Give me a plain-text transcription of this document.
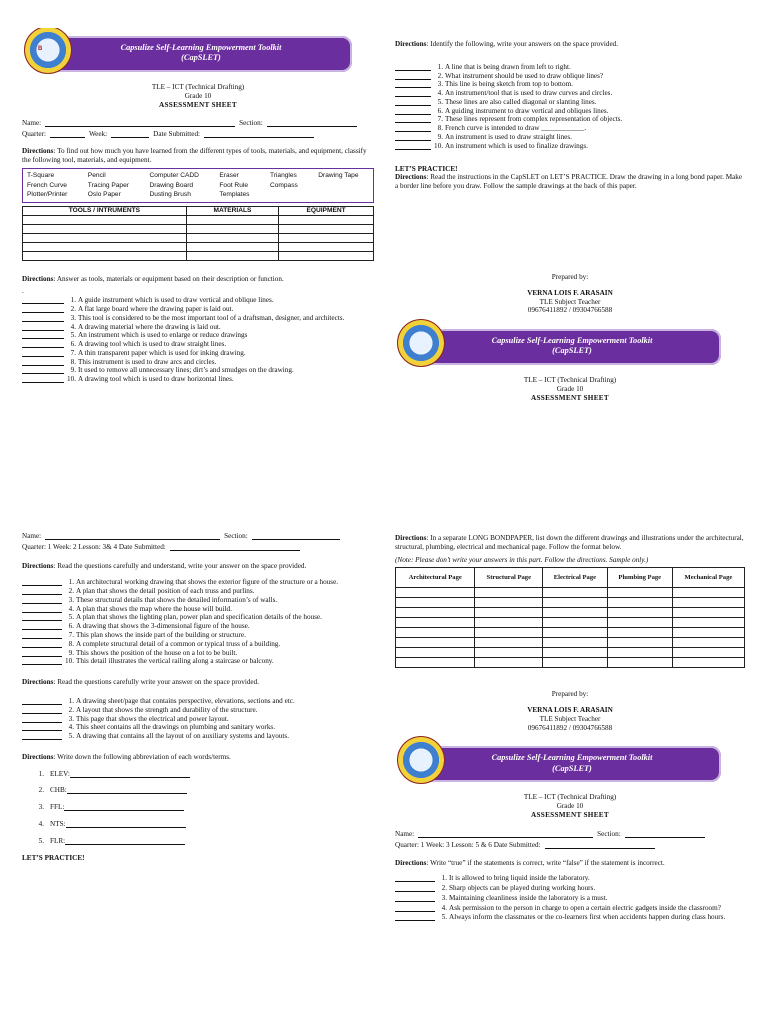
Capsulize Self-Learning Empowerment Toolkit
(CapSLET)
B
TLE – ICT (Technical Drafting)
Grade 10
ASSESSMENT SHEET
Name:	Section:
Quarter:	Week:	Date Submitted:
Directions: To find out how much you have learned from the different types of tools, materials, and equipment, classify the following tool, materials, and equipment.
T-Square	Pencil	Computer CADD	Eraser	Triangles	Drawing Tape
French Curve	Tracing Paper	Drawing Board	Foot Rule	Compass
Plotter/Printer	Oslo Paper	Dusting Brush	Templates
TOOLS / INTRUMENTS	MATERIALS	EQUIPMENT

Directions: Answer as tools, materials or equipment based on their description or function.
.
1. A guide instrument which is used to draw vertical and oblique lines.
2. A flat large board where the drawing paper is laid out.
3. This tool is considered to be the most important tool of a draftsman, designer, and architects.
4. A drawing material where the drawing is laid out.
5. An instrument which is used to enlarge or reduce drawings
6. A drawing tool which is used to draw straight lines.
7. A thin transparent paper which is used for inking drawing.
8. This instrument is used to draw arcs and circles.
9. It used to remove all unnecessary lines; dirt’s and smudges on the drawing.
10. A drawing tool which is used to draw horizontal lines.
Directions: Identify the following, write your answers on the space provided.
1. A line that is being drawn from left to right.
2. What instrument should be used to draw oblique lines?
3. This line is being sketch from top to bottom.
4. An instrument/tool that is used to draw curves and circles.
5. These lines are also called diagonal or slanting lines.
6. A guiding instrument to draw vertical and obliques lines.
7. These lines represent from complex representation of objects.
8. French curve is intended to draw ____________.
9. An instrument is used to draw straight lines.
10. An instrument which is used to finalize drawings.
LET’S PRACTICE!
Directions: Read the instructions in the CapSLET on LET’S PRACTICE. Draw the drawing in a long bond paper. Make a border line before you draw. Follow the sample drawings at the back of this paper.
Prepared by:
VERNA LOIS F. ARASAIN
TLE Subject Teacher
09676411892 / 09304766588
Capsulize Self-Learning Empowerment Toolkit
(CapSLET)
TLE – ICT (Technical Drafting)
Grade 10
ASSESSMENT SHEET
Name:	Section:
Quarter: 1 Week: 2 Lesson: 3& 4 Date Submitted:
Directions: Read the questions carefully and understand, write your answer on the space provided.
1. An architectural working drawing that shows the exterior figure of the structure or a house.
2. A plan that shows the detail position of each truss and purlins.
3. These structural details that shows the detailed information’s of walls.
4. A plan that shows the map where the house will build.
5. A plan that shows the lighting plan, power plan and specification details of the house.
6. A drawing that shows the 3-dimensional figure of the house.
7. This plan shows the inside part of the building or structure.
8. A complete structural detail of a common or typical truss of a building.
9. This shows the position of the house on a lot to be built.
10. This detail illustrates the vertical railing along a staircase or balcony.
Directions: Read the questions carefully write your answer on the space provided.
1. A drawing sheet/page that contains perspective, elevations, sections and etc.
2. A layout that shows the strength and durability of the structure.
3. This page that shows the electrical and power layout.
4. This sheet contains all the drawings on plumbing and sanitary works.
5. A drawing that contains all the layout of on auxiliary systems and layouts.
Directions: Write down the following abbreviation of each words/terms.
1. ELEV:
2. CHB:
3. FFL:
4. NTS:
5. FLR:
LET’S PRACTICE!
Directions: In a separate LONG BONDPAPER, list down the different drawings and illustrations under the architectural, structural, plumbing, electrical and mechanical page. Follow the format below.
(Note: Please don’t write your answers in this part. Follow the directions. Sample only.)
Architectural Page	Structural Page	Electrical Page	Plumbing Page	Mechanical Page

Prepared by:
VERNA LOIS F. ARASAIN
TLE Subject Teacher
09676411892 / 09304766588
Capsulize Self-Learning Empowerment Toolkit
(CapSLET)
TLE – ICT (Technical Drafting)
Grade 10
ASSESSMENT SHEET
Name:	Section:
Quarter: 1 Week: 3 Lesson: 5 & 6 Date Submitted:
Directions: Write “true” if the statements is correct, write “false” if the statement is incorrect.
1. It is allowed to bring liquid inside the laboratory.
2. Sharp objects can be played during working hours.
3. Maintaining cleanliness inside the laboratory is a must.
4. Ask permission to the person in charge to open a certain electric gadgets inside the classroom?
5. Always inform the classmates or the co-learners first when accidents happen during class hours.
